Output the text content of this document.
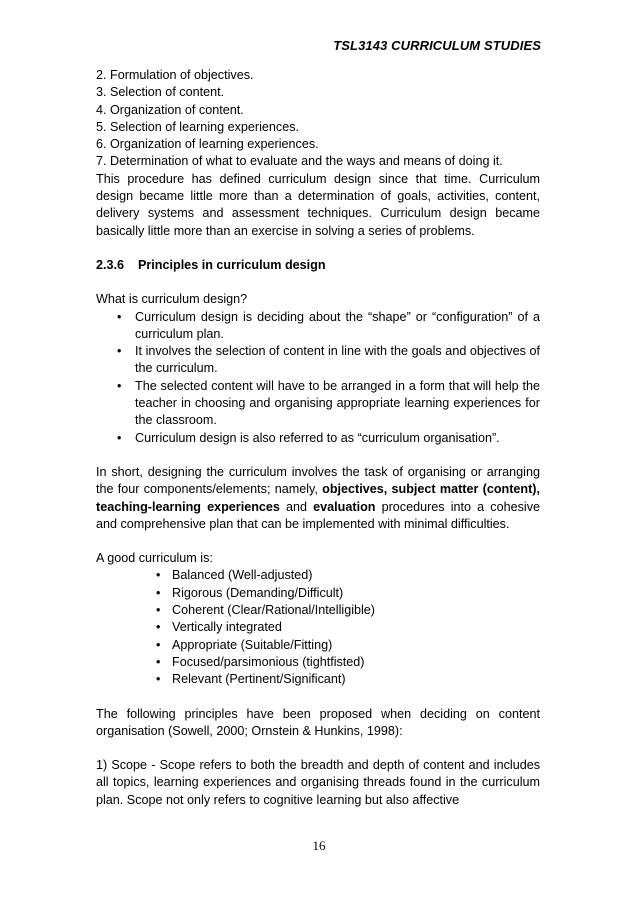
TSL3143 CURRICULUM STUDIES
2. Formulation of objectives.
3. Selection of content.
4. Organization of content.
5. Selection of learning experiences.
6. Organization of learning experiences.
7. Determination of what to evaluate and the ways and means of doing it.

This procedure has defined curriculum design since that time. Curriculum design became little more than a determination of goals, activities, content, delivery systems and assessment techniques. Curriculum design became basically little more than an exercise in solving a series of problems.

2.3.6 Principles in curriculum design
What is curriculum design?
• Curriculum design is deciding about the “shape” or “configuration” of a curriculum plan.
• It involves the selection of content in line with the goals and objectives of the curriculum.
• The selected content will have to be arranged in a form that will help the teacher in choosing and organising appropriate learning experiences for the classroom.
• Curriculum design is also referred to as “curriculum organisation”.

In short, designing the curriculum involves the task of organising or arranging the four components/elements; namely, objectives, subject matter (content), teaching-learning experiences and evaluation procedures into a cohesive and comprehensive plan that can be implemented with minimal difficulties.

A good curriculum is:
• Balanced (Well-adjusted)
• Rigorous (Demanding/Difficult)
• Coherent (Clear/Rational/Intelligible)
• Vertically integrated
• Appropriate (Suitable/Fitting)
• Focused/parsimonious (tightfisted)
• Relevant (Pertinent/Significant)

The following principles have been proposed when deciding on content organisation (Sowell, 2000; Ornstein & Hunkins, 1998):

1) Scope - Scope refers to both the breadth and depth of content and includes all topics, learning experiences and organising threads found in the curriculum plan. Scope not only refers to cognitive learning but also affective

16
